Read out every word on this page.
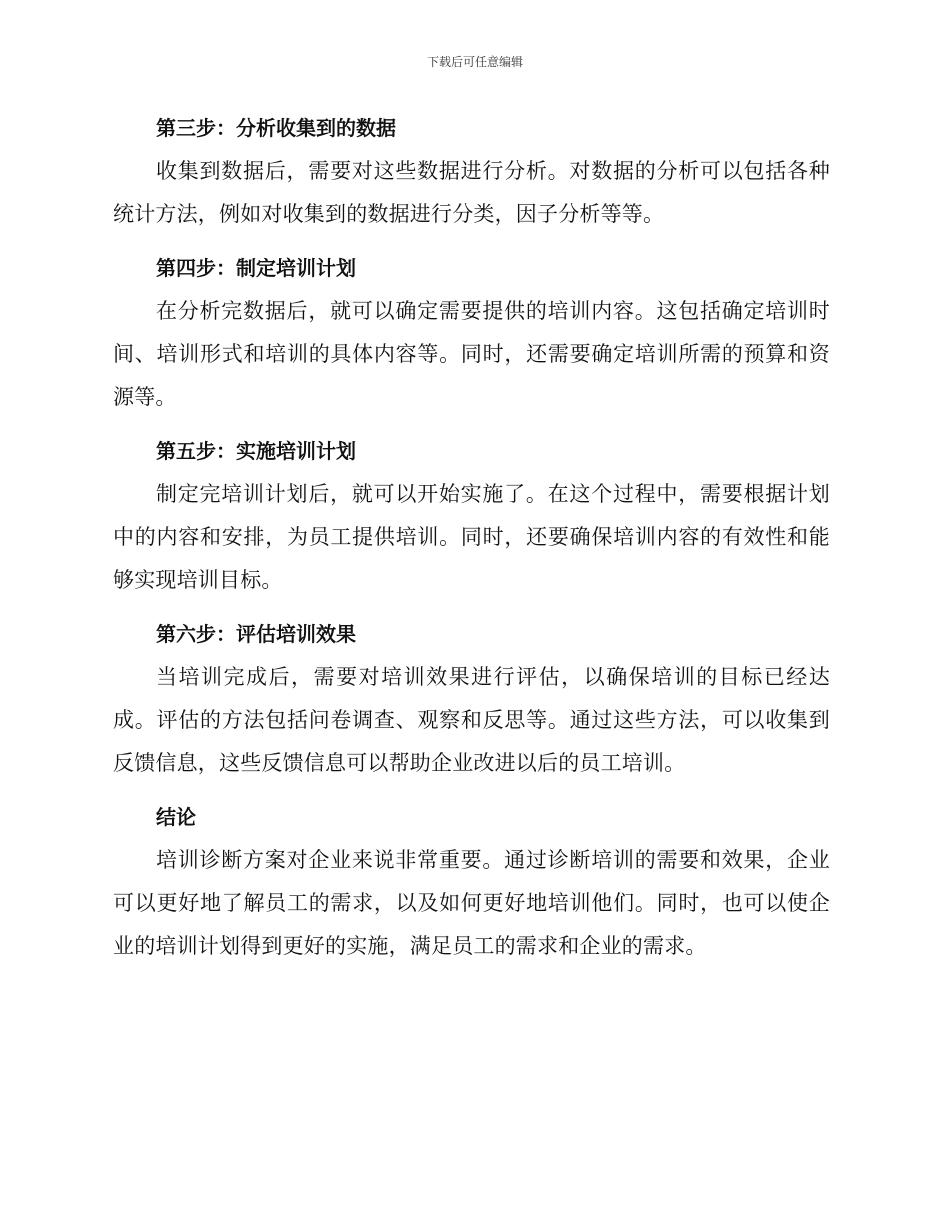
下载后可任意编辑
第三步：分析收集到的数据

收集到数据后，需要对这些数据进行分析。对数据的分析可以包括各种统计方法，例如对收集到的数据进行分类，因子分析等等。

第四步：制定培训计划

在分析完数据后，就可以确定需要提供的培训内容。这包括确定培训时间、培训形式和培训的具体内容等。同时，还需要确定培训所需的预算和资源等。

第五步：实施培训计划

制定完培训计划后，就可以开始实施了。在这个过程中，需要根据计划中的内容和安排，为员工提供培训。同时，还要确保培训内容的有效性和能够实现培训目标。

第六步：评估培训效果

当培训完成后，需要对培训效果进行评估，以确保培训的目标已经达成。评估的方法包括问卷调查、观察和反思等。通过这些方法，可以收集到反馈信息，这些反馈信息可以帮助企业改进以后的员工培训。

结论

培训诊断方案对企业来说非常重要。通过诊断培训的需要和效果，企业可以更好地了解员工的需求，以及如何更好地培训他们。同时，也可以使企业的培训计划得到更好的实施，满足员工的需求和企业的需求。
